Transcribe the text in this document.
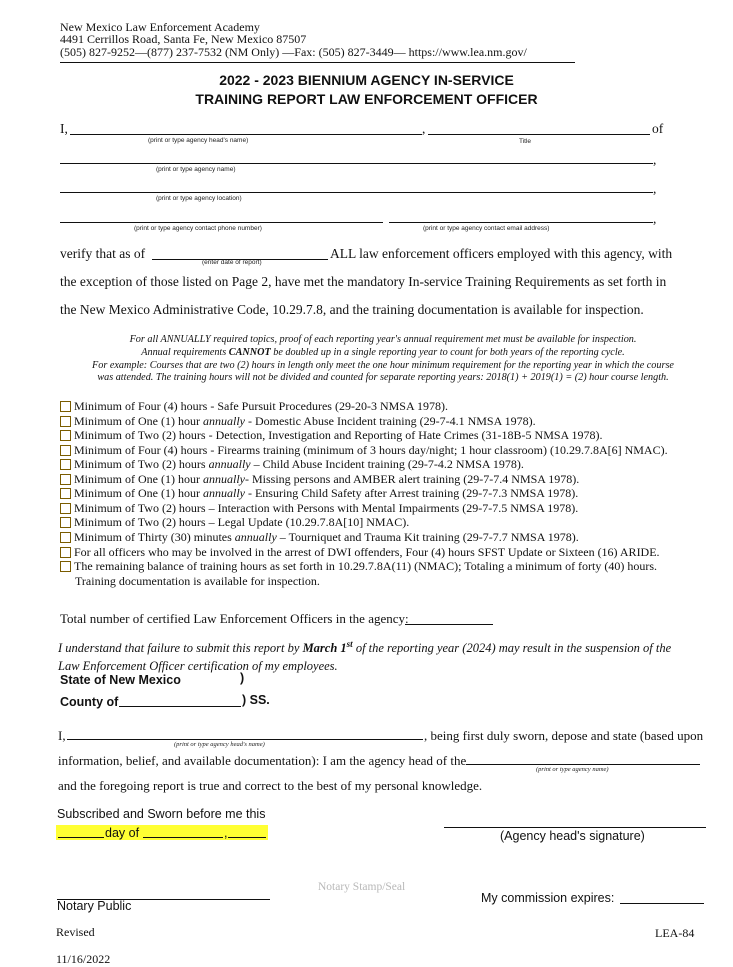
New Mexico Law Enforcement Academy
4491 Cerrillos Road, Santa Fe, New Mexico 87507
(505) 827-9252—(877) 237-7532 (NM Only) —Fax: (505) 827-3449— https://www.lea.nm.gov/
2022 - 2023 BIENNIUM AGENCY IN-SERVICE
TRAINING REPORT LAW ENFORCEMENT OFFICER
I,	,	of
(print or type agency head's name)	Title
,
(print or type agency name)
,
(print or type agency location)
,
(print or type agency contact phone number)	(print or type agency contact email address)
verify that as of	ALL law enforcement officers employed with this agency, with
(enter date of report)
the exception of those listed on Page 2, have met the mandatory In-service Training Requirements as set forth in
the New Mexico Administrative Code, 10.29.7.8, and the training documentation is available for inspection.
For all ANNUALLY required topics, proof of each reporting year's annual requirement met must be available for inspection.
Annual requirements CANNOT be doubled up in a single reporting year to count for both years of the reporting cycle.
For example: Courses that are two (2) hours in length only meet the one hour minimum requirement for the reporting year in which the course
was attended. The training hours will not be divided and counted for separate reporting years: 2018(1) + 2019(1) = (2) hour course length.
Minimum of Four (4) hours - Safe Pursuit Procedures (29-20-3 NMSA 1978).
Minimum of One (1) hour annually - Domestic Abuse Incident training (29-7-4.1 NMSA 1978).
Minimum of Two (2) hours - Detection, Investigation and Reporting of Hate Crimes (31-18B-5 NMSA 1978).
Minimum of Four (4) hours - Firearms training (minimum of 3 hours day/night; 1 hour classroom) (10.29.7.8A[6] NMAC).
Minimum of Two (2) hours annually – Child Abuse Incident training (29-7-4.2 NMSA 1978).
Minimum of One (1) hour annually- Missing persons and AMBER alert training (29-7-7.4 NMSA 1978).
Minimum of One (1) hour annually - Ensuring Child Safety after Arrest training (29-7-7.3 NMSA 1978).
Minimum of Two (2) hours – Interaction with Persons with Mental Impairments (29-7-7.5 NMSA 1978).
Minimum of Two (2) hours – Legal Update (10.29.7.8A[10] NMAC).
Minimum of Thirty (30) minutes annually – Tourniquet and Trauma Kit training (29-7-7.7 NMSA 1978).
For all officers who may be involved in the arrest of DWI offenders, Four (4) hours SFST Update or Sixteen (16) ARIDE.
The remaining balance of training hours as set forth in 10.29.7.8A(11) (NMAC); Totaling a minimum of forty (40) hours.
Training documentation is available for inspection.
Total number of certified Law Enforcement Officers in the agency:
I understand that failure to submit this report by March 1st of the reporting year (2024) may result in the suspension of the
Law Enforcement Officer certification of my employees.
State of New Mexico	)
County of	) SS.
I,	, being first duly sworn, depose and state (based upon
(print or type agency head's name)
information, belief, and available documentation): I am the agency head of the
(print or type agency name)
and the foregoing report is true and correct to the best of my personal knowledge.
Subscribed and Sworn before me this
day of	,	(Agency head's signature)
Notary Stamp/Seal
My commission expires:
Notary Public
Revised
11/16/2022
LEA-84
